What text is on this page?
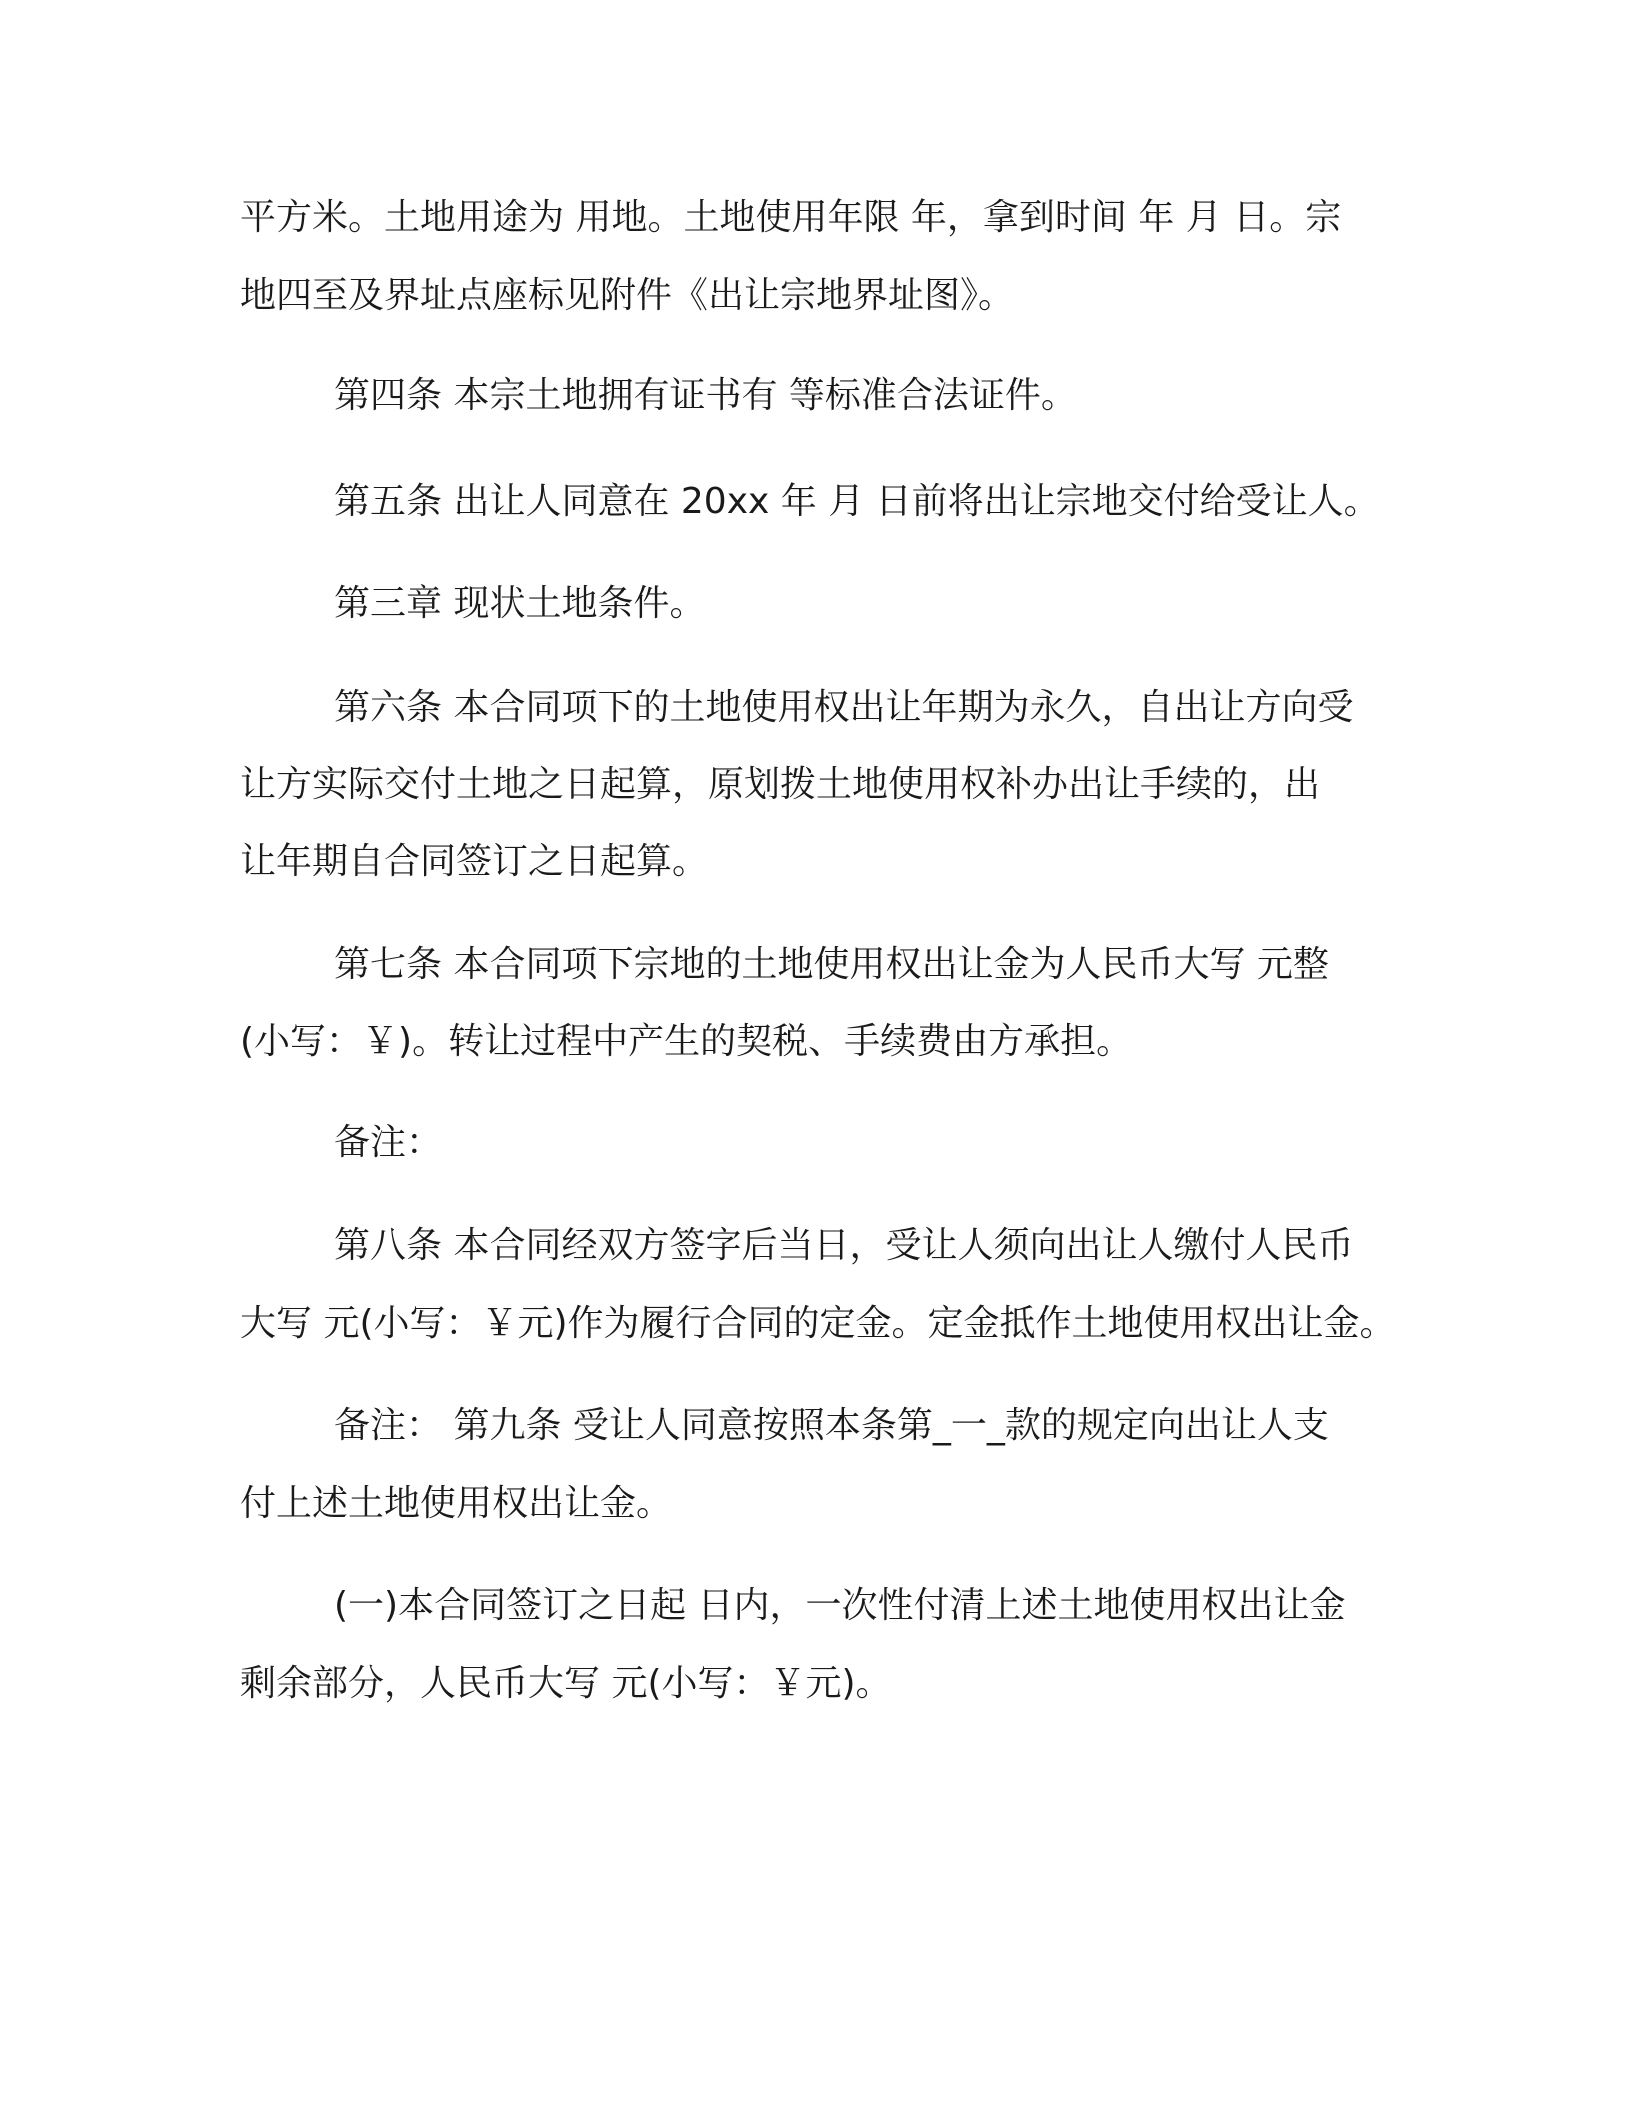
平方米。土地用途为 用地。土地使用年限 年，拿到时间 年 月 日。宗
地四至及界址点座标见附件《出让宗地界址图》。
第四条 本宗土地拥有证书有 等标准合法证件。
第五条 出让人同意在 20xx 年 月 日前将出让宗地交付给受让人。
第三章 现状土地条件。
第六条 本合同项下的土地使用权出让年期为永久，自出让方向受
让方实际交付土地之日起算，原划拨土地使用权补办出让手续的，出
让年期自合同签订之日起算。
第七条 本合同项下宗地的土地使用权出让金为人民币大写 元整
(小写：￥)。转让过程中产生的契税、手续费由方承担。
备注：
第八条 本合同经双方签字后当日，受让人须向出让人缴付人民币
大写 元(小写：￥元)作为履行合同的定金。定金抵作土地使用权出让金。
备注： 第九条 受让人同意按照本条第_一_款的规定向出让人支
付上述土地使用权出让金。
(一)本合同签订之日起 日内，一次性付清上述土地使用权出让金
剩余部分，人民币大写 元(小写：￥元)。
